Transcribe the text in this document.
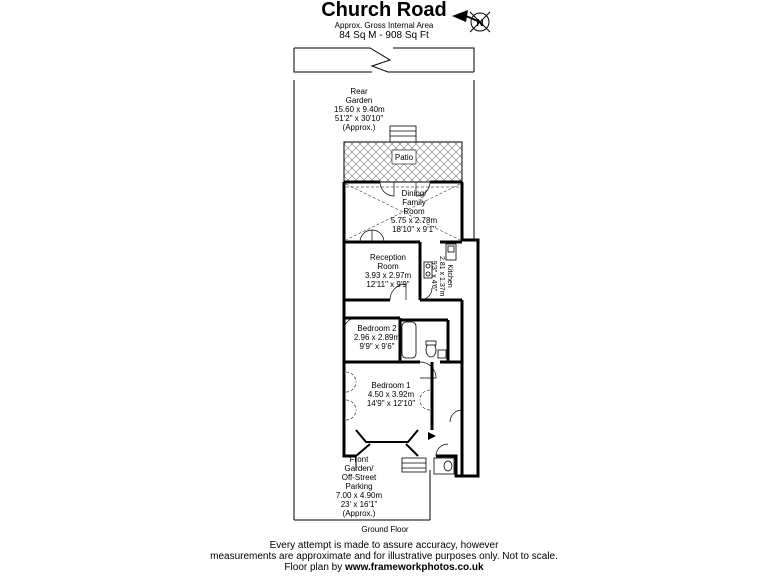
Church Road
Approx. Gross Internal Area
84 Sq M - 908 Sq Ft
N
Rear
Garden
15.60 x 9.40m
51'2" x 30'10"
(Approx.)
Patio
Dining/
Family
Room
5.75 x 2.78m
18'10" x 9'1"
Reception
Room
3.93 x 2.97m
12'11" x 9'9"	Kitchen
2.81 x 1.37m
9'3" x 4'6"
Bedroom 2
2.96 x 2.89m
9'9" x 9'6"
Bedroom 1
4.50 x 3.92m
14'9" x 12'10"
Front
Garden/
Off-Street
Parking
7.00 x 4.90m
23' x 16'1"
(Approx.)
Ground Floor
Every attempt is made to assure accuracy, however
measurements are approximate and for illustrative purposes only. Not to scale.
Floor plan by www.frameworkphotos.co.uk
